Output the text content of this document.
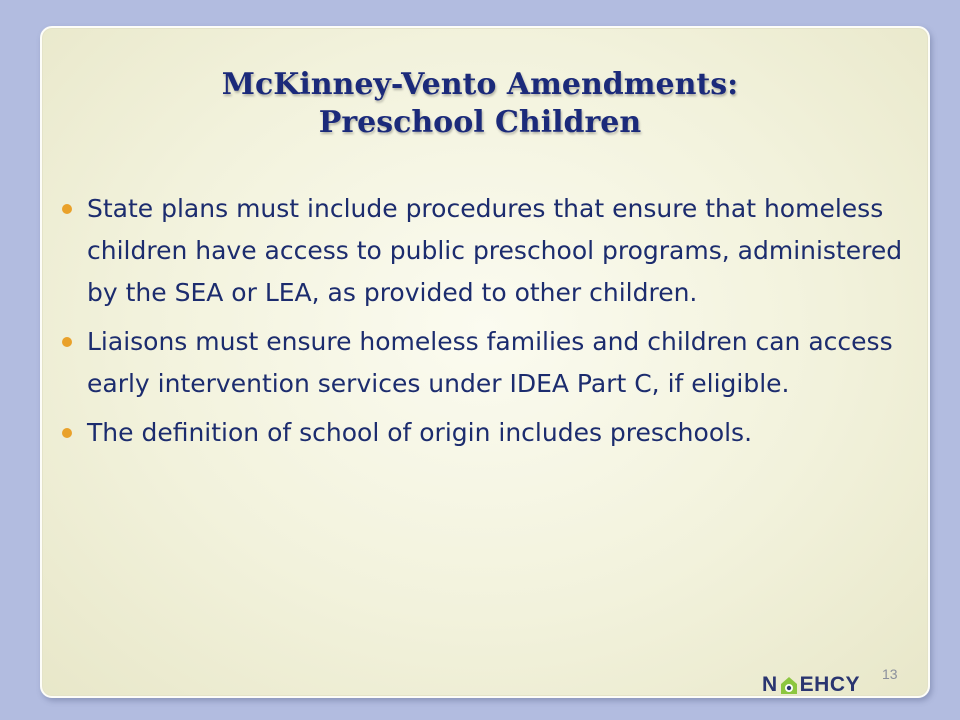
McKinney-Vento Amendments:
Preschool Children
State plans must include procedures that ensure that homeless children have access to public preschool programs, administered by the SEA or LEA, as provided to other children.
Liaisons must ensure homeless families and children can access early intervention services under IDEA Part C, if eligible.
The definition of school of origin includes preschools.
13
N EHCY
